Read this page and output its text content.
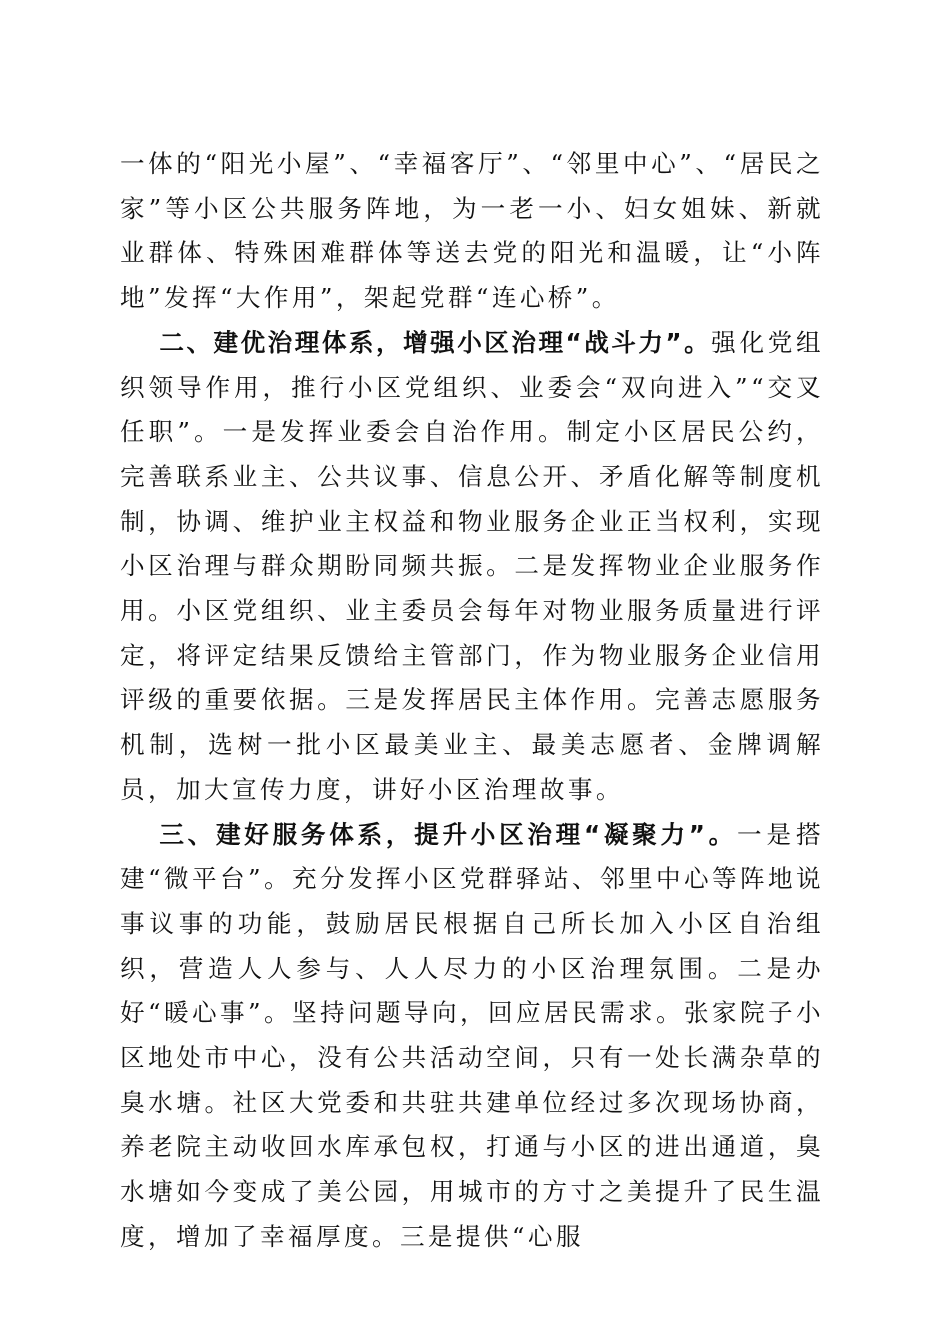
一体的“阳光小屋”、“幸福客厅”、“邻里中心”、“居民之家”等小区公共服务阵地，为一老一小、妇女姐妹、新就业群体、特殊困难群体等送去党的阳光和温暖，让“小阵地”发挥“大作用”，架起党群“连心桥”。

二、建优治理体系，增强小区治理“战斗力”。强化党组织领导作用，推行小区党组织、业委会“双向进入”“交叉任职”。一是发挥业委会自治作用。制定小区居民公约，完善联系业主、公共议事、信息公开、矛盾化解等制度机制，协调、维护业主权益和物业服务企业正当权利，实现小区治理与群众期盼同频共振。二是发挥物业企业服务作用。小区党组织、业主委员会每年对物业服务质量进行评定，将评定结果反馈给主管部门，作为物业服务企业信用评级的重要依据。三是发挥居民主体作用。完善志愿服务机制，选树一批小区最美业主、最美志愿者、金牌调解员，加大宣传力度，讲好小区治理故事。

三、建好服务体系，提升小区治理“凝聚力”。一是搭建“微平台”。充分发挥小区党群驿站、邻里中心等阵地说事议事的功能，鼓励居民根据自己所长加入小区自治组织，营造人人参与、人人尽力的小区治理氛围。二是办好“暖心事”。坚持问题导向，回应居民需求。张家院子小区地处市中心，没有公共活动空间，只有一处长满杂草的臭水塘。社区大党委和共驻共建单位经过多次现场协商，养老院主动收回水库承包权，打通与小区的进出通道，臭水塘如今变成了美公园，用城市的方寸之美提升了民生温度，增加了幸福厚度。三是提供“心服
